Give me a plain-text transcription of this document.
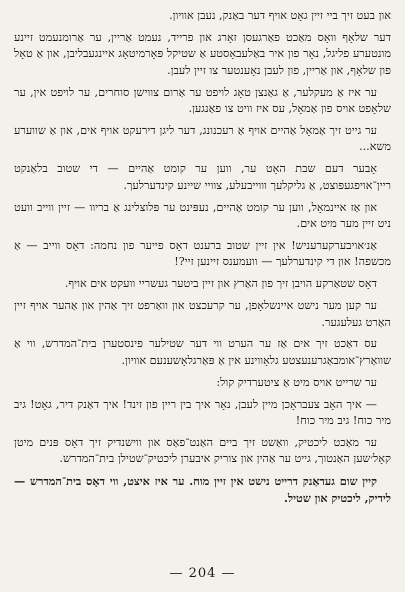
און בעט זיך ביי זיין גאָט אויף דער באַנק, נעבן אוויון.

דער שלאָף וואָס מאַכט פאַרגעסן זאָרג און פרייד, נעמט אַריין, ער אַרומנעמט זיינע מונטערע פליגל, נאָר פון איר באַלעבאָסטע אַ שטיקל פּאָרמיטאָג איינגעבליבן, און אַ טאָל פון שלאָף, און אַריין, פון לעבן נאָענטער צו זיין לעבן.

ער איז אַ מעקלער, אַ גאַנצן טאָג לויפט ער אַרום צווישן סוחרים, ער לויפט אין, ער שלאָפט אויס פון אַמאָל, עס איז וויט צו פאַנגען.

ער גייט זיך אַמאָל אַהיים אויף אַ רעכנונג, דער ליגן דירעקט אויף אים, און אַ שווערע משא...

אָבער דעם שבת האָט ער, ווען ער קומט אַהיים — די שטוב בלאַנקט ריין־אויפגעפּוצט, אַ גליקלעך וווייבעלע, צוויי שיינע קינדערלעך.

און אַז איינמאָל, ווען ער קומט אַהיים, נעפּינט ער פּלוצלינג אַ בריוו — זיין ווייב וועט ניט זיין מער מיט אים.

אַנ׳אויבערקערעניש! אין זיין שטוב ברענט דאָס פייער פון נחמה: דאָס ווייב — אַ מכשפה! און די קינדערלעך — וועמענס זיינען זיי?!

דאָס שטאַרקע הויבן זיך פון האַרץ און זיין ביטער געשריי וועקט אים אויף.

ער קען מער נישט איינשלאָפן, ער קרעכצט און וואַרפט זיך אַהין און אַהער אויף זיין האַרט געלעגער.

עס דאַכט זיך אים אַז ער הערט ווי דער שטילער פינסטערן בית־המדרש, ווי אַ שוואַרץ־אומבאַגרענעצטע גלאָווינע אין אַ פּאַרגלאָשענעם אוויון.

ער שרייט אויס מיט אַ ציטערדיק קול:

— איך האָב צעבראָכן מיין לעבן, נאָר איך בין ריין פון זינד! איך דאַנק דיר, גאָט! גיב מיר כוח! גיב מיר כוח!

ער מאַכט ליכטיק, וואַשט זיך ביים האַנט־פאַס און ווישנדיק זיך דאָס פּנים מיטן קאָל׳שען האַנטוך, גייט ער אַהין און צוריק איבערן ליכטיק־שטילן בית־המדרש.

קיין שום געדאַנק דרייט נישט אין זיין מוח. ער איז איצט, ווי דאָס בית־המדרש — לידיק, ליכטיק און שטיל.

— 204 —
